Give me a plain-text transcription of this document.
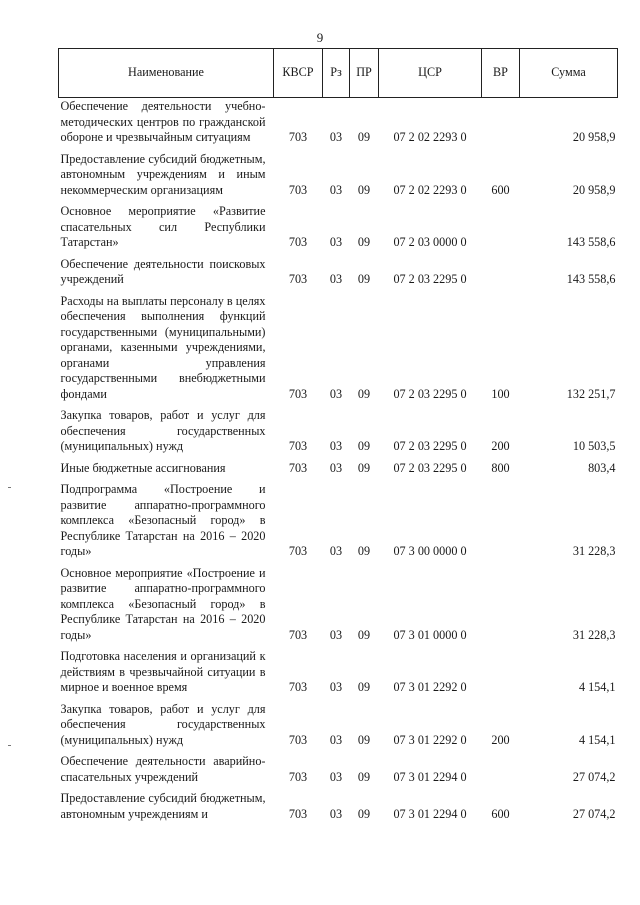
9
Наименование	КВСР	Рз	ПР	ЦСР	ВР	Сумма
Обеспечение деятельности учебно-методических центров по гражданской обороне и чрезвычайным ситуациям	703	03	09	07 2 02 2293 0		20 958,9
Предоставление субсидий бюджетным, автономным учреждениям и иным некоммерческим организациям	703	03	09	07 2 02 2293 0	600	20 958,9
Основное мероприятие «Развитие спасательных сил Республики Татарстан»	703	03	09	07 2 03 0000 0		143 558,6
Обеспечение деятельности поисковых учреждений	703	03	09	07 2 03 2295 0		143 558,6
Расходы на выплаты персоналу в целях обеспечения выполнения функций государственными (муниципальными) органами, казенными учреждениями, органами управления государственными внебюджетными фондами	703	03	09	07 2 03 2295 0	100	132 251,7
Закупка товаров, работ и услуг для обеспечения государственных (муниципальных) нужд	703	03	09	07 2 03 2295 0	200	10 503,5
Иные бюджетные ассигнования	703	03	09	07 2 03 2295 0	800	803,4
Подпрограмма «Построение и развитие аппаратно-программного комплекса «Безопасный город» в Республике Татарстан на 2016 – 2020 годы»	703	03	09	07 3 00 0000 0		31 228,3
Основное мероприятие «Построение и развитие аппаратно-программного комплекса «Безопасный город» в Республике Татарстан на 2016 – 2020 годы»	703	03	09	07 3 01 0000 0		31 228,3
Подготовка населения и организаций к действиям в чрезвычайной ситуации в мирное и военное время	703	03	09	07 3 01 2292 0		4 154,1
Закупка товаров, работ и услуг для обеспечения государственных (муниципальных) нужд	703	03	09	07 3 01 2292 0	200	4 154,1
Обеспечение деятельности аварийно-спасательных учреждений	703	03	09	07 3 01 2294 0		27 074,2
Предоставление субсидий бюджетным, автономным учреждениям и	703	03	09	07 3 01 2294 0	600	27 074,2
